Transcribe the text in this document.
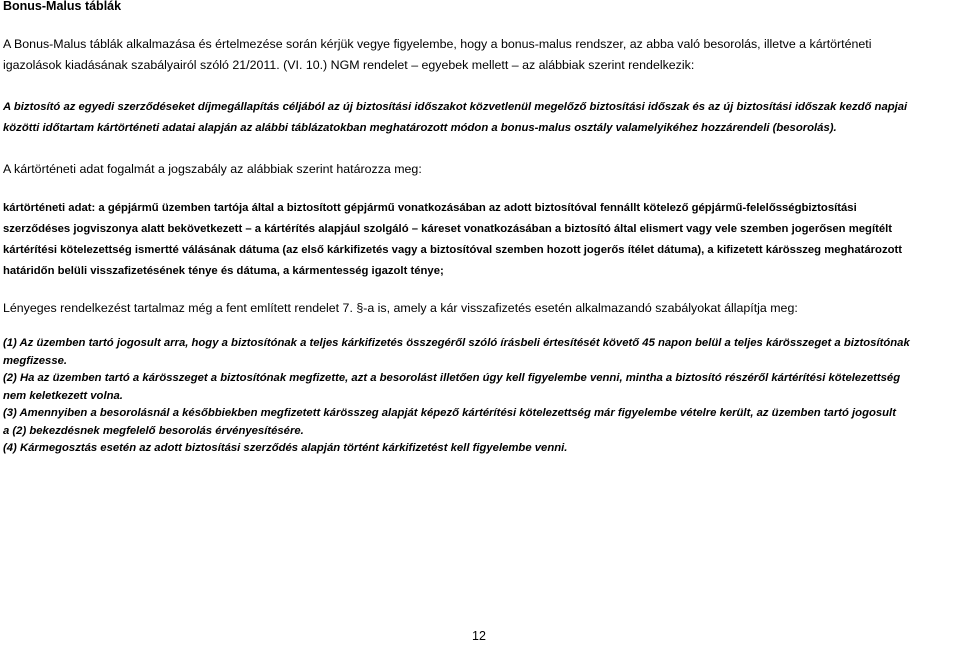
Bonus-Malus táblák
A Bonus-Malus táblák alkalmazása és értelmezése során kérjük vegye figyelembe, hogy a bonus-malus rendszer, az abba való besorolás, illetve a kártörténeti
igazolások kiadásának szabályairól szóló 21/2011. (VI. 10.) NGM rendelet – egyebek mellett – az alábbiak szerint rendelkezik:
A biztosító az egyedi szerződéseket díjmegállapítás céljából az új biztosítási időszakot közvetlenül megelőző biztosítási időszak és az új biztosítási időszak kezdő napjai
közötti időtartam kártörténeti adatai alapján az alábbi táblázatokban meghatározott módon a bonus-malus osztály valamelyikéhez hozzárendeli (besorolás).
A kártörténeti adat fogalmát a jogszabály az alábbiak szerint határozza meg:
kártörténeti adat: a gépjármű üzemben tartója által a biztosított gépjármű vonatkozásában az adott biztosítóval fennállt kötelező gépjármű-felelősségbiztosítási
szerződéses jogviszonya alatt bekövetkezett – a kártérítés alapjául szolgáló – káreset vonatkozásában a biztosító által elismert vagy vele szemben jogerősen megítélt
kártérítési kötelezettség ismertté válásának dátuma (az első kárkifizetés vagy a biztosítóval szemben hozott jogerős ítélet dátuma), a kifizetett kárösszeg meghatározott
határidőn belüli visszafizetésének ténye és dátuma, a kármentesség igazolt ténye;
Lényeges rendelkezést tartalmaz még a fent említett rendelet 7. §-a is, amely a kár visszafizetés esetén alkalmazandó szabályokat állapítja meg:
(1) Az üzemben tartó jogosult arra, hogy a biztosítónak a teljes kárkifizetés összegéről szóló írásbeli értesítését követő 45 napon belül a teljes kárösszeget a biztosítónak
megfizesse.
(2) Ha az üzemben tartó a kárösszeget a biztosítónak megfizette, azt a besorolást illetően úgy kell figyelembe venni, mintha a biztosító részéről kártérítési kötelezettség
nem keletkezett volna.
(3) Amennyiben a besorolásnál a későbbiekben megfizetett kárösszeg alapját képező kártérítési kötelezettség már figyelembe vételre került, az üzemben tartó jogosult
a (2) bekezdésnek megfelelő besorolás érvényesítésére.
(4) Kármegosztás esetén az adott biztosítási szerződés alapján történt kárkifizetést kell figyelembe venni.
12
